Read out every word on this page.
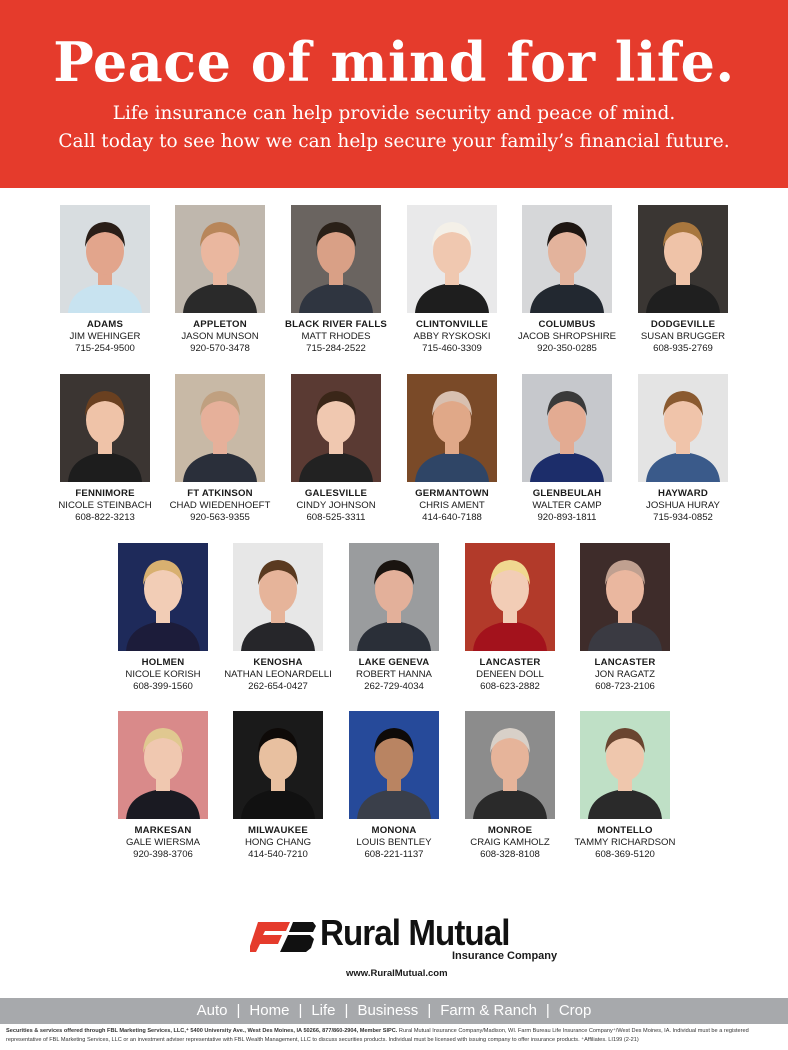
Peace of mind for life.
Life insurance can help provide security and peace of mind.
Call today to see how we can help secure your family’s financial future.
ADAMS
JIM WEHINGER
715-254-9500
APPLETON
JASON MUNSON
920-570-3478
BLACK RIVER FALLS
MATT RHODES
715-284-2522
CLINTONVILLE
ABBY RYSKOSKI
715-460-3309
COLUMBUS
JACOB SHROPSHIRE
920-350-0285
DODGEVILLE
SUSAN BRUGGER
608-935-2769
FENNIMORE
NICOLE STEINBACH
608-822-3213
FT ATKINSON
CHAD WIEDENHOEFT
920-563-9355
GALESVILLE
CINDY JOHNSON
608-525-3311
GERMANTOWN
CHRIS AMENT
414-640-7188
GLENBEULAH
WALTER CAMP
920-893-1811
HAYWARD
JOSHUA HURAY
715-934-0852
HOLMEN
NICOLE KORISH
608-399-1560
KENOSHA
NATHAN LEONARDELLI
262-654-0427
LAKE GENEVA
ROBERT HANNA
262-729-4034
LANCASTER
DENEEN DOLL
608-623-2882
LANCASTER
JON RAGATZ
608-723-2106
MARKESAN
GALE WIERSMA
920-398-3706
MILWAUKEE
HONG CHANG
414-540-7210
MONONA
LOUIS BENTLEY
608-221-1137
MONROE
CRAIG KAMHOLZ
608-328-8108
MONTELLO
TAMMY RICHARDSON
608-369-5120
Rural Mutual
Insurance Company
www.RuralMutual.com
Auto | Home | Life | Business | Farm & Ranch | Crop
Securities & services offered through FBL Marketing Services, LLC,⁺ 5400 University Ave., West Des Moines, IA 50266, 877/860-2904, Member SIPC. Rural Mutual Insurance Company/Madison, WI. Farm Bureau Life Insurance Company⁺/West Des Moines, IA. Individual must be a registered representative of FBL Marketing Services, LLC or an investment adviser representative with FBL Wealth Management, LLC to discuss securities products. Individual must be licensed with issuing company to offer insurance products. ⁺Affiliates. LI199 (2-21)
